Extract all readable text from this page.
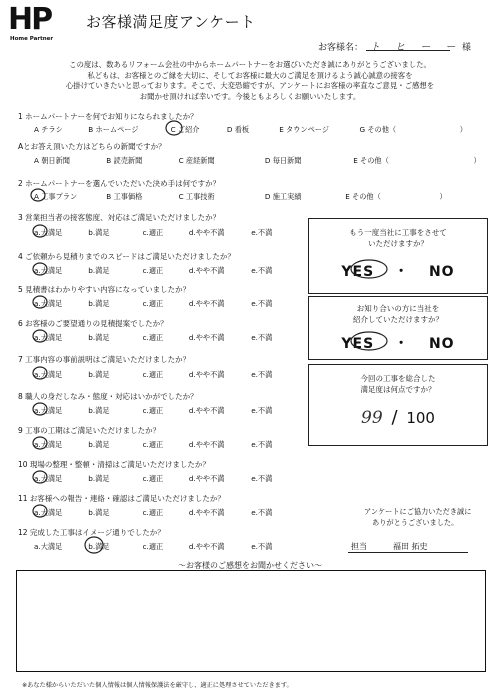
HP
Home Partner
お客様満足度アンケート
お客様名： ト ヒ ー ー 様
この度は、数あるリフォーム会社の中からホームパートナーをお選びいただき誠にありがとうございました。
私どもは、お客様とのご縁を大切に、そしてお客様に最大のご満足を頂けるよう誠心誠意の接客を
心掛けていきたいと思っております。そこで、大変恐縮ですが、アンケートにお客様の率直なご意見・ご感想を
お聞かせ頂ければ幸いです。今後ともよろしくお願いいたします。
1 ホームパートナーを何でお知りになられましたか？
A チラシ	B ホームページ	C ご紹介	D 看板	E タウンページ	G その他（	）
Aとお答え頂いた方はどちらの新聞ですか？
A 朝日新聞	B 読売新聞	C 産経新聞	D 毎日新聞	E その他（	）
2 ホームパートナーを選んでいただいた決め手は何ですか？
A 工事プラン	B 工事価格	C 工事技術	D 施工実績	E その他（	）
3 営業担当者の接客態度、対応はご満足いただけましたか？
a.大満足	b.満足	c.適正	d.やや不満	e.不満
4 ご依頼から見積りまでのスピードはご満足いただけましたか？
a.大満足	b.満足	c.適正	d.やや不満	e.不満
5 見積書はわかりやすい内容になっていましたか？
a.大満足	b.満足	c.適正	d.やや不満	e.不満
6 お客様のご要望通りの見積提案でしたか？
a.大満足	b.満足	c.適正	d.やや不満	e.不満
7 工事内容の事前説明はご満足いただけましたか？
a.大満足	b.満足	c.適正	d.やや不満	e.不満
8 職人の身だしなみ・態度・対応はいかがでしたか？
a.大満足	b.満足	c.適正	d.やや不満	e.不満
9 工事の工期はご満足いただけましたか？
a.大満足	b.満足	c.適正	d.やや不満	e.不満
10 現場の整理・整頓・清掃はご満足いただけましたか？
a.大満足	b.満足	c.適正	d.やや不満	e.不満
11 お客様への報告・連絡・確認はご満足いただけましたか？
a.大満足	b.満足	c.適正	d.やや不満	e.不満
12 完成した工事はイメージ通りでしたか？
a.大満足	b.満足	c.適正	d.やや不満	e.不満
もう一度当社に工事をさせて
いただけますか？
YES ・ NO
お知り合いの方に当社を
紹介していただけますか？
YES ・ NO
今回の工事を総合した
満足度は何点ですか？
99 / 100
アンケートにご協力いただき誠に
ありがとうございました。
担当	福田 拓史
〜お客様のご感想をお聞かせください〜
※あなた様からいただいた個人情報は個人情報保護法を厳守し、適正に処理させていただきます。
